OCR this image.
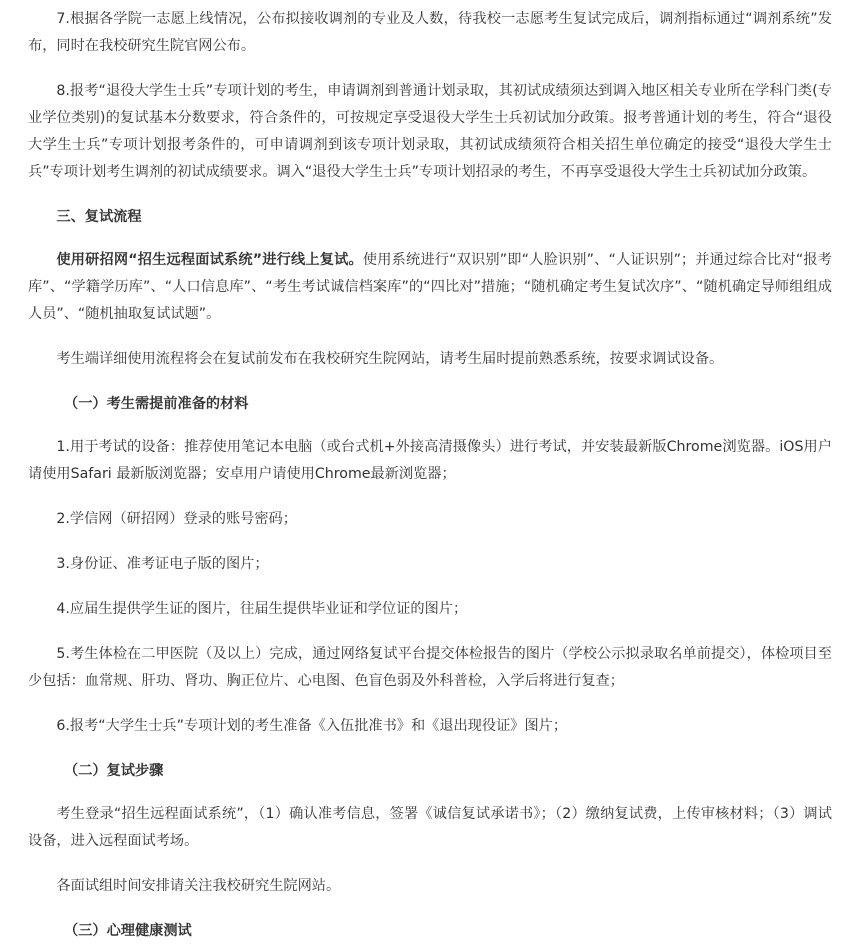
7.根据各学院一志愿上线情况，公布拟接收调剂的专业及人数，待我校一志愿考生复试完成后，调剂指标通过“调剂系统”发布，同时在我校研究生院官网公布。

8.报考“退役大学生士兵”专项计划的考生，申请调剂到普通计划录取，其初试成绩须达到调入地区相关专业所在学科门类(专业学位类别)的复试基本分数要求，符合条件的，可按规定享受退役大学生士兵初试加分政策。报考普通计划的考生，符合“退役大学生士兵”专项计划报考条件的，可申请调剂到该专项计划录取，其初试成绩须符合相关招生单位确定的接受“退役大学生士兵”专项计划考生调剂的初试成绩要求。调入“退役大学生士兵”专项计划招录的考生，不再享受退役大学生士兵初试加分政策。

三、复试流程

使用研招网“招生远程面试系统”进行线上复试。使用系统进行“双识别”即“人脸识别”、“人证识别”；并通过综合比对“报考库”、“学籍学历库”、“人口信息库”、“考生考试诚信档案库”的“四比对”措施；“随机确定考生复试次序”、“随机确定导师组组成人员”、“随机抽取复试试题”。

考生端详细使用流程将会在复试前发布在我校研究生院网站，请考生届时提前熟悉系统，按要求调试设备。

（一）考生需提前准备的材料

1.用于考试的设备：推荐使用笔记本电脑（或台式机+外接高清摄像头）进行考试，并安装最新版Chrome浏览器。iOS用户请使用Safari 最新版浏览器；安卓用户请使用Chrome最新浏览器；

2.学信网（研招网）登录的账号密码；

3.身份证、准考证电子版的图片；

4.应届生提供学生证的图片，往届生提供毕业证和学位证的图片；

5.考生体检在二甲医院（及以上）完成，通过网络复试平台提交体检报告的图片（学校公示拟录取名单前提交），体检项目至少包括：血常规、肝功、肾功、胸正位片、心电图、色盲色弱及外科普检，入学后将进行复查；

6.报考“大学生士兵”专项计划的考生准备《入伍批准书》和《退出现役证》图片；

（二）复试步骤

考生登录“招生远程面试系统”，（1）确认准考信息，签署《诚信复试承诺书》；（2）缴纳复试费，上传审核材料；（3）调试设备，进入远程面试考场。

各面试组时间安排请关注我校研究生院网站。

（三）心理健康测试
